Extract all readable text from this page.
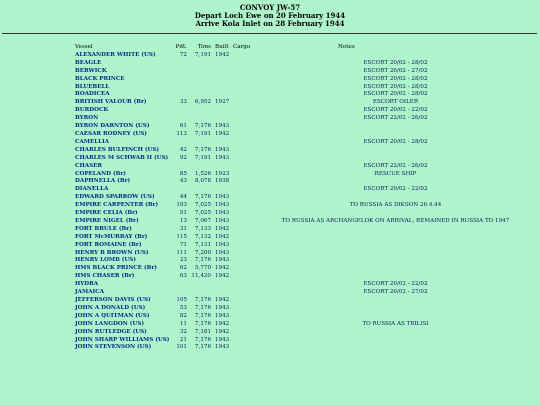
CONVOY JW-57
Depart Loch Ewe on 20 February 1944
Arrive Kola Inlet on 28 February 1944
Vessel	Pdt.	Tons	Built	Cargo	Notes
ALEXANDER WHITE (US)	72	7,191	1942		
BEAGLE					ESCORT 20/02 - 28/02
BERWICK					ESCORT 26/02 - 27/02
BLACK PRINCE					ESCORT 20/02 - 28/02
BLUEBELL					ESCORT 20/02 - 28/02
BOADICEA					ESCORT 20/02 - 28/02
BRITISH VALOUR (Br)	33	6,952	1927		ESCORT OILER
BURDOCK					ESCORT 20/02 - 22/02
BYRON					ESCORT 22/02 - 26/02
BYRON DARNTON (US)	61	7,176	1943		
CAESAR RODNEY (US)	113	7,191	1942		
CAMELLIA					ESCORT 20/02 - 28/02
CHARLES BULFINCH (US)	42	7,176	1943		
CHARLES M SCHWAB II (US)	92	7,191	1943		
CHASER					ESCORT 22/02 - 26/02
COPELAND (Br)	85	1,526	1923		RESCUE SHIP
DAPHNELLA (Br)	43	8,078	1938		
DIANELLA					ESCORT 20/02 - 22/02
EDWARD SPARROW (US)	44	7,176	1943		
EMPIRE CARPENTER (Br)	103	7,025	1943		TO RUSSIA AS DIKSON 26.4.44
EMPIRE CELIA (Br)	51	7,025	1943		
EMPIRE NIGEL (Br)	13	7,067	1943		TO RUSSIA AS ARCHANGELOK ON ARRIVAL, REMAINED IN RUSSIA TO 1947
FORT BRULE (Br)	31	7,133	1942		
FORT McMURRAY (Br)	115	7,132	1942		
FORT ROMAINE (Br)	71	7,131	1943		
HENRY B BROWN (US)	111	7,200	1943		
HENRY LOMB (US)	23	7,176	1943		
HMS BLACK PRINCE (Br)	62	5,770	1942		
HMS CHASER (Br)	63	11,420	1942		
HYDRA					ESCORT 20/02 - 22/02
JAMAICA					ESCORT 26/02 - 27/02
JEFFERSON DAVIS (US)	105	7,176	1942		
JOHN A DONALD (US)	53	7,176	1943		
JOHN A QUITMAN (US)	82	7,176	1943		
JOHN LANGDON (US)	11	7,176	1942		TO RUSSIA AS TBILISI
JOHN RUTLEDGE (US)	32	7,181	1942		
JOHN SHARP WILLIAMS (US)	21	7,176	1943		
JOHN STEVENSON (US)	101	7,176	1943		
